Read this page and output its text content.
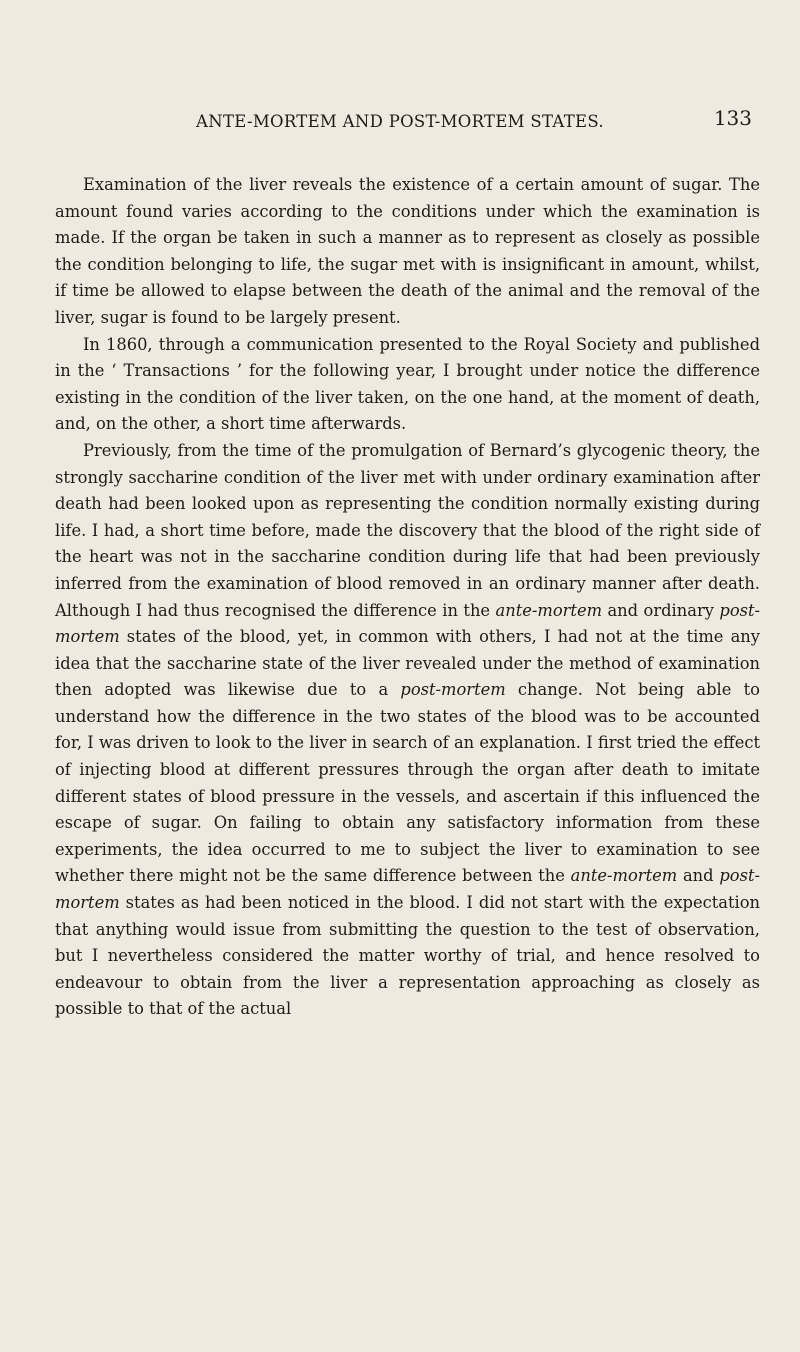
ANTE-MORTEM AND POST-MORTEM STATES.	133

Examination of the liver reveals the existence of a certain amount of sugar. The amount found varies according to the conditions under which the examination is made. If the organ be taken in such a manner as to represent as closely as possible the condition belonging to life, the sugar met with is insignificant in amount, whilst, if time be allowed to elapse between the death of the animal and the removal of the liver, sugar is found to be largely present.

In 1860, through a communication presented to the Royal Society and published in the ‘ Transactions ’ for the following year, I brought under notice the difference existing in the condition of the liver taken, on the one hand, at the moment of death, and, on the other, a short time afterwards.

Previously, from the time of the promulgation of Bernard’s glycogenic theory, the strongly saccharine condition of the liver met with under ordinary examination after death had been looked upon as representing the condition normally existing during life. I had, a short time before, made the discovery that the blood of the right side of the heart was not in the saccharine condition during life that had been previously inferred from the examination of blood removed in an ordinary manner after death. Although I had thus recognised the difference in the ante-mortem and ordinary post-mortem states of the blood, yet, in common with others, I had not at the time any idea that the saccharine state of the liver revealed under the method of examination then adopted was likewise due to a post-mortem change. Not being able to understand how the difference in the two states of the blood was to be accounted for, I was driven to look to the liver in search of an explanation. I first tried the effect of injecting blood at different pressures through the organ after death to imitate different states of blood pressure in the vessels, and ascertain if this influenced the escape of sugar. On failing to obtain any satisfactory information from these experiments, the idea occurred to me to subject the liver to examination to see whether there might not be the same difference between the ante-mortem and post-mortem states as had been noticed in the blood. I did not start with the expectation that anything would issue from submitting the question to the test of observation, but I nevertheless considered the matter worthy of trial, and hence resolved to endeavour to obtain from the liver a representation approaching as closely as possible to that of the actual
